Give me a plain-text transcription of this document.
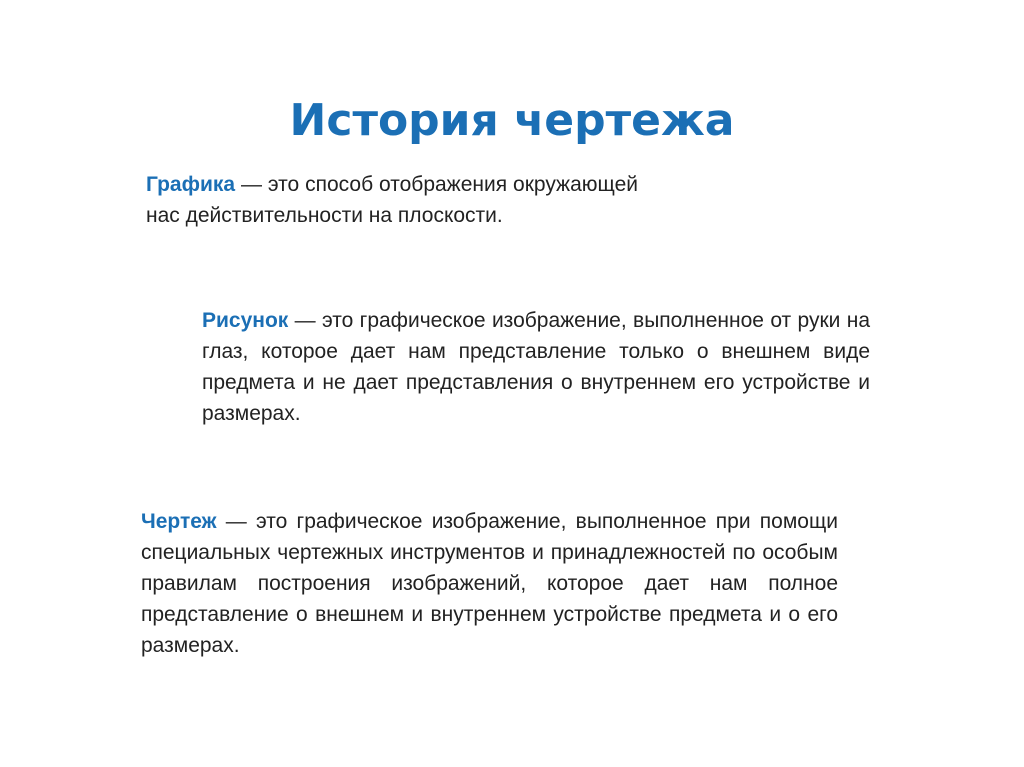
История чертежа

Графика — это способ отображения окружающей нас действительности на плоскости.

Рисунок — это графическое изображение, выполненное от руки на глаз, которое дает нам представление только о внешнем виде предмета и не дает представления о внутреннем его устройстве и размерах.

Чертеж — это графическое изображение, выполненное при помощи специальных чертежных инструментов и принадлежностей по особым правилам построения изображений, которое дает нам полное представление о внешнем и внутреннем устройстве предмета и о его размерах.
